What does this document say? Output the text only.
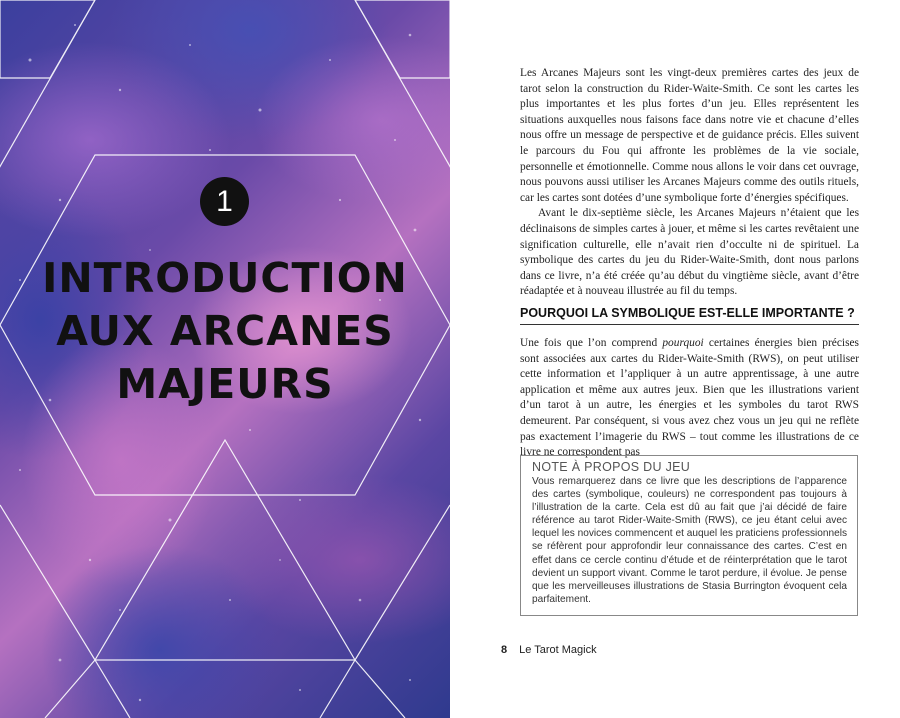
1
INTRODUCTION
AUX ARCANES
MAJEURS

Les Arcanes Majeurs sont les vingt-deux premières cartes des jeux de tarot selon la construction du Rider-Waite-Smith. Ce sont les cartes les plus importantes et les plus fortes d’un jeu. Elles représentent les situations auxquelles nous faisons face dans notre vie et chacune d’elles nous offre un message de perspective et de guidance précis. Elles suivent le parcours du Fou qui affronte les problèmes de la vie sociale, personnelle et émotionnelle. Comme nous allons le voir dans cet ouvrage, nous pouvons aussi utiliser les Arcanes Majeurs comme des outils rituels, car les cartes sont dotées d’une symbolique forte d’énergies spécifiques.

Avant le dix-septième siècle, les Arcanes Majeurs n’étaient que les déclinaisons de simples cartes à jouer, et même si les cartes revêtaient une signification culturelle, elle n’avait rien d’occulte ni de spirituel. La symbolique des cartes du jeu du Rider-Waite-Smith, dont nous parlons dans ce livre, n’a été créée qu’au début du vingtième siècle, avant d’être réadaptée et à nouveau illustrée au fil du temps.

POURQUOI LA SYMBOLIQUE EST-ELLE IMPORTANTE ?

Une fois que l’on comprend pourquoi certaines énergies bien précises sont associées aux cartes du Rider-Waite-Smith (RWS), on peut utiliser cette information et l’appliquer à un autre apprentissage, à une autre application et même aux autres jeux. Bien que les illustrations varient d’un tarot à un autre, les énergies et les symboles du tarot RWS demeurent. Par conséquent, si vous avez chez vous un jeu qui ne reflète pas exactement l’imagerie du RWS – tout comme les illustrations de ce livre ne correspondent pas

NOTE À PROPOS DU JEU

Vous remarquerez dans ce livre que les descriptions de l’apparence des cartes (symbolique, couleurs) ne correspondent pas toujours à l’illustration de la carte. Cela est dû au fait que j’ai décidé de faire référence au tarot Rider-Waite-Smith (RWS), ce jeu étant celui avec lequel les novices commencent et auquel les praticiens professionnels se réfèrent pour approfondir leur connaissance des cartes. C’est en effet dans ce cercle continu d’étude et de réinterprétation que le tarot devient un support vivant. Comme le tarot perdure, il évolue. Je pense que les merveilleuses illustrations de Stasia Burrington évoquent cela parfaitement.

8 Le Tarot Magick
